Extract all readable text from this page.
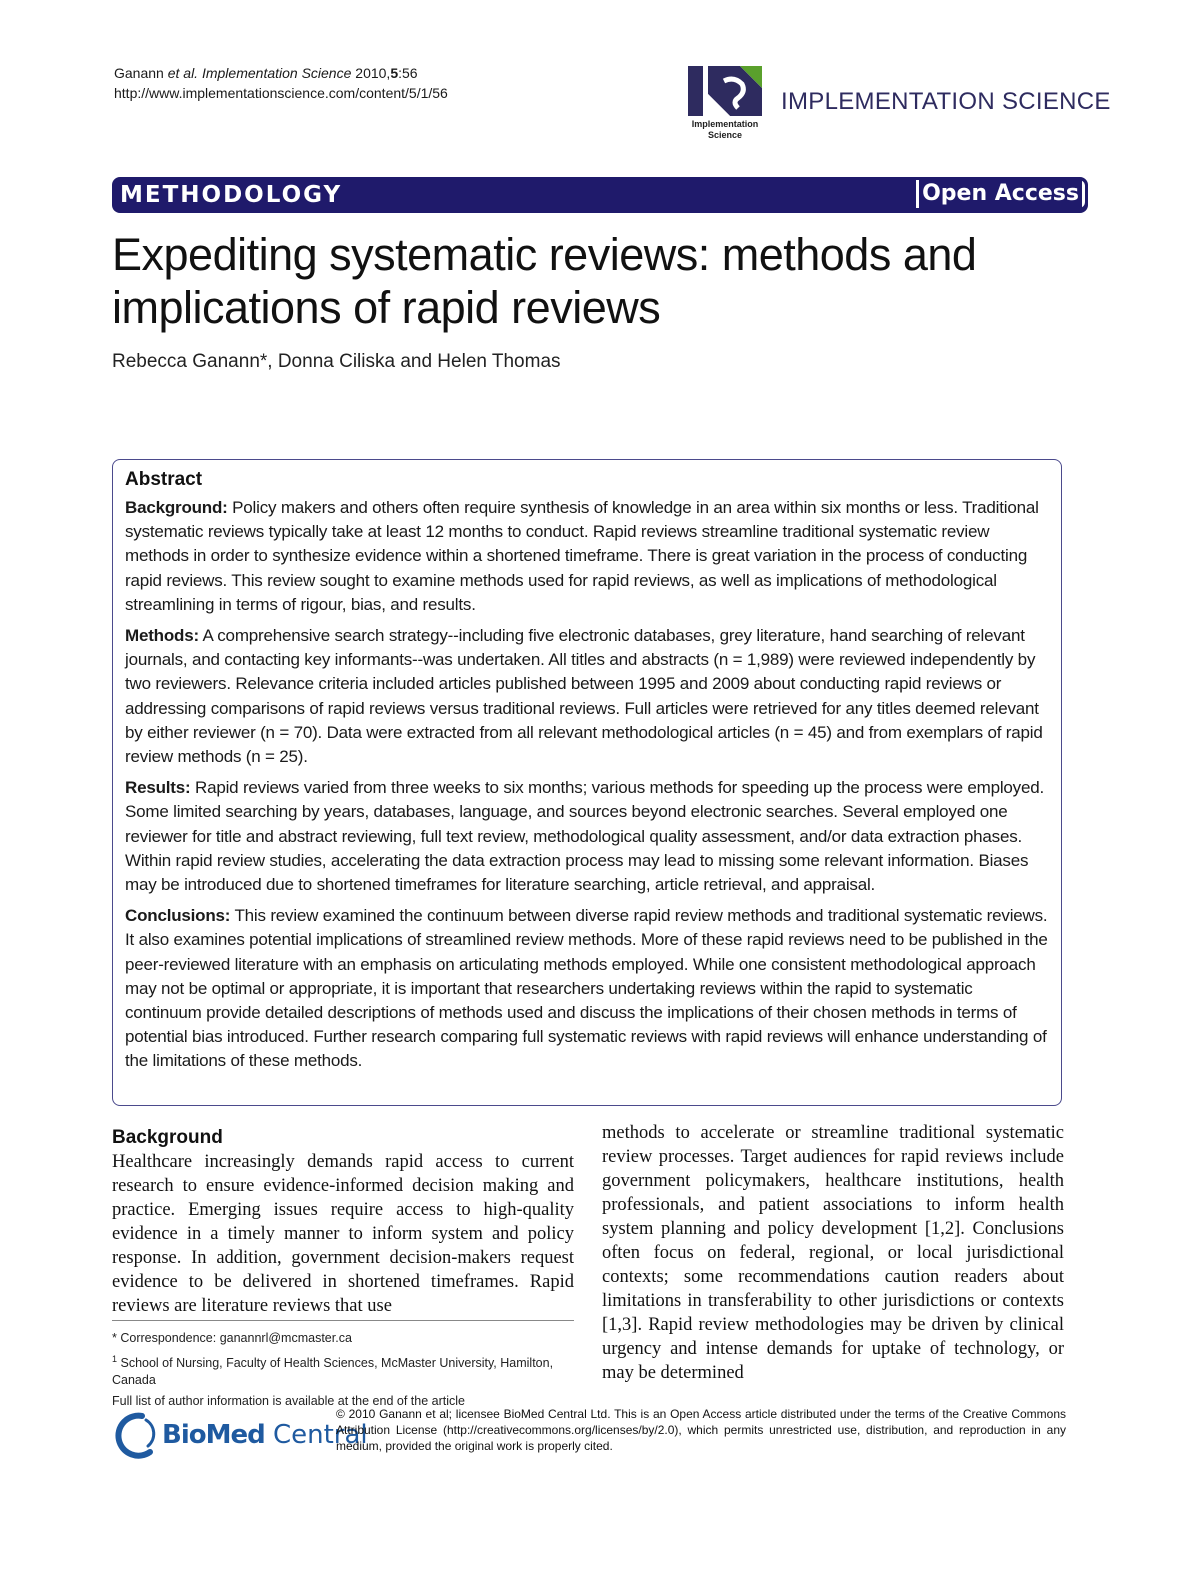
Ganann et al. Implementation Science 2010,5:56
http://www.implementationscience.com/content/5/1/56
Implementation
Science
IMPLEMENTATION SCIENCE
METHODOLOGY	Open Access
Expediting systematic reviews: methods and implications of rapid reviews
Rebecca Ganann*, Donna Ciliska and Helen Thomas
Abstract

Background: Policy makers and others often require synthesis of knowledge in an area within six months or less. Traditional systematic reviews typically take at least 12 months to conduct. Rapid reviews streamline traditional systematic review methods in order to synthesize evidence within a shortened timeframe. There is great variation in the process of conducting rapid reviews. This review sought to examine methods used for rapid reviews, as well as implications of methodological streamlining in terms of rigour, bias, and results.

Methods: A comprehensive search strategy--including five electronic databases, grey literature, hand searching of relevant journals, and contacting key informants--was undertaken. All titles and abstracts (n = 1,989) were reviewed independently by two reviewers. Relevance criteria included articles published between 1995 and 2009 about conducting rapid reviews or addressing comparisons of rapid reviews versus traditional reviews. Full articles were retrieved for any titles deemed relevant by either reviewer (n = 70). Data were extracted from all relevant methodological articles (n = 45) and from exemplars of rapid review methods (n = 25).

Results: Rapid reviews varied from three weeks to six months; various methods for speeding up the process were employed. Some limited searching by years, databases, language, and sources beyond electronic searches. Several employed one reviewer for title and abstract reviewing, full text review, methodological quality assessment, and/or data extraction phases. Within rapid review studies, accelerating the data extraction process may lead to missing some relevant information. Biases may be introduced due to shortened timeframes for literature searching, article retrieval, and appraisal.

Conclusions: This review examined the continuum between diverse rapid review methods and traditional systematic reviews. It also examines potential implications of streamlined review methods. More of these rapid reviews need to be published in the peer-reviewed literature with an emphasis on articulating methods employed. While one consistent methodological approach may not be optimal or appropriate, it is important that researchers undertaking reviews within the rapid to systematic continuum provide detailed descriptions of methods used and discuss the implications of their chosen methods in terms of potential bias introduced. Further research comparing full systematic reviews with rapid reviews will enhance understanding of the limitations of these methods.

Background

Healthcare increasingly demands rapid access to current research to ensure evidence-informed decision making and practice. Emerging issues require access to high-quality evidence in a timely manner to inform system and policy response. In addition, government decision-makers request evidence to be delivered in shortened timeframes. Rapid reviews are literature reviews that use

methods to accelerate or streamline traditional systematic review processes. Target audiences for rapid reviews include government policymakers, healthcare institutions, health professionals, and patient associations to inform health system planning and policy development [1,2]. Conclusions often focus on federal, regional, or local jurisdictional contexts; some recommendations caution readers about limitations in transferability to other jurisdictions or contexts [1,3]. Rapid review methodologies may be driven by clinical urgency and intense demands for uptake of technology, or may be determined

* Correspondence: ganannrl@mcmaster.ca

$^1$ School of Nursing, Faculty of Health Sciences, McMaster University, Hamilton, Canada

Full list of author information is available at the end of the article

BioMed Central
© 2010 Ganann et al; licensee BioMed Central Ltd. This is an Open Access article distributed under the terms of the Creative Commons Attribution License (http://creativecommons.org/licenses/by/2.0), which permits unrestricted use, distribution, and reproduction in any medium, provided the original work is properly cited.
